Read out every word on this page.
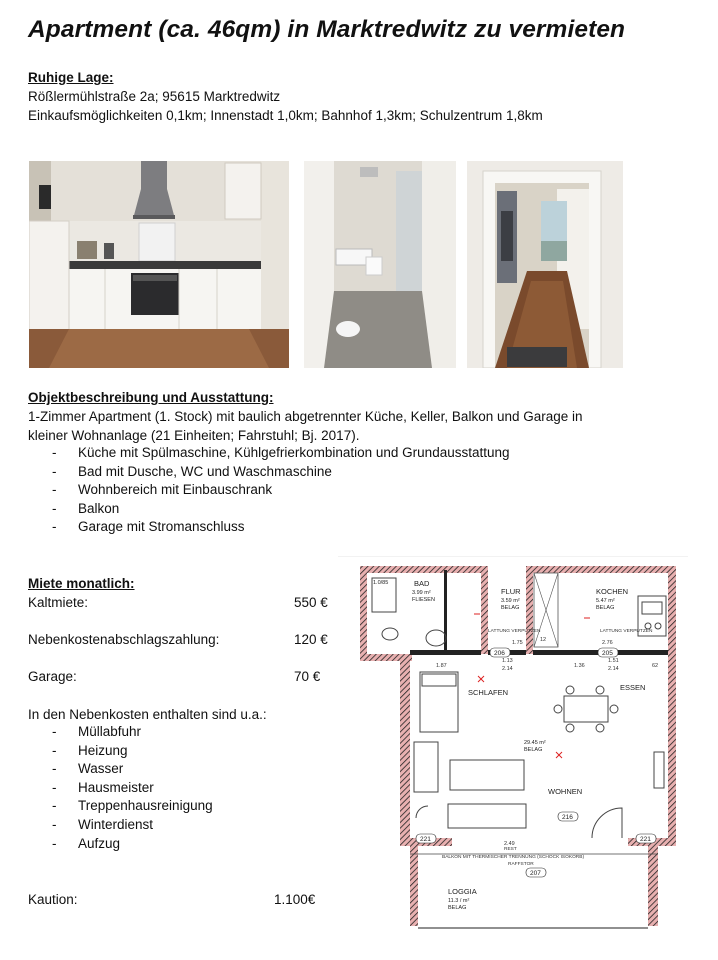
Apartment (ca. 46qm) in Marktredwitz zu vermieten
Ruhige Lage:
Rößlermühlstraße 2a; 95615 Marktredwitz
Einkaufsmöglichkeiten 0,1km; Innenstadt 1,0km; Bahnhof 1,3km; Schulzentrum 1,8km
Objektbeschreibung und Ausstattung:
1-Zimmer Apartment (1. Stock) mit baulich abgetrennter Küche, Keller, Balkon und Garage in
kleiner Wohnanlage (21 Einheiten; Fahrstuhl; Bj. 2017).
- Küche mit Spülmaschine, Kühlgefrierkombination und Grundausstattung
- Bad mit Dusche, WC und Waschmaschine
- Wohnbereich mit Einbauschrank
- Balkon
- Garage mit Stromanschluss
Miete monatlich:
Kaltmiete:	550 €
Nebenkostenabschlagszahlung:	120 €
Garage:	70 €
In den Nebenkosten enthalten sind u.a.:
- Müllabfuhr
- Heizung
- Wasser
- Hausmeister
- Treppenhausreinigung
- Winterdienst
- Aufzug
Kaution:	1.100€
BAD
3.99 m²
FLIESEN
1.0/85
FLUR
3.59 m²
BELAG
KOCHEN
5.47 m²
BELAG
SCHLAFEN
ESSEN
29.45 m²
BELAG
WOHNEN
LOGGIA
11.3 / m²
BELAG
LATTUNG VERPUTZEN	LATTUNG VERPUTZEN
BALKON MIT THERMISCHER TRENNUNG (SCHOCK ISOKORB)
RAFFSTOR
REST
1.87
1.13
2.14	1.36
1.51
2.14	62
1.75	12	2.76
2.49
206	205
216
207
221	221
